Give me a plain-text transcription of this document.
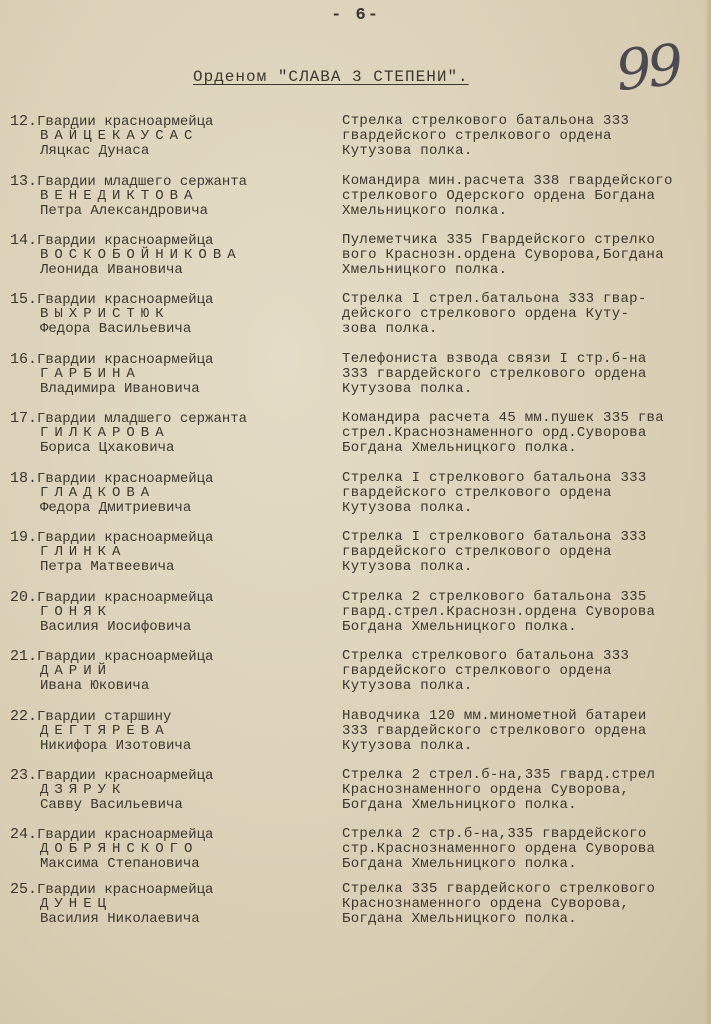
- 6-
Орденом "СЛАВА 3 СТЕПЕНИ".	99
12.Гвардии красноармейца
ВАЙЦЕКАУСАС
Ляцкас Дунаса
Стрелка стрелкового батальона 333
гвардейского стрелкового ордена
Кутузова полка.
13.Гвардии младшего сержанта
ВЕНЕДИКТОВА
Петра Александровича
Командира мин.расчета 338 гвардейского
стрелкового Одерского ордена Богдана
Хмельницкого полка.
14.Гвардии красноармейца
ВОСКОБОЙНИКОВА
Леонида Ивановича
Пулеметчика 335 Гвардейского стрелко
вого Краснозн.ордена Суворова,Богдана
Хмельницкого полка.
15.Гвардии красноармейца
ВЫХРИСТЮК
Федора Васильевича
Стрелка I стрел.батальона 333 гвар-
дейского стрелкового ордена Куту-
зова полка.
16.Гвардии красноармейца
ГАРБИНА
Владимира Ивановича
Телефониста взвода связи I стр.б-на
333 гвардейского стрелкового ордена
Кутузова полка.
17.Гвардии младшего сержанта
ГИЛКАРОВА
Бориса Цхаковича
Командира расчета 45 мм.пушек 335 гва
стрел.Краснознаменного орд.Суворова
Богдана Хмельницкого полка.
18.Гвардии красноармейца
ГЛАДКОВА
Федора Дмитриевича
Стрелка I стрелкового батальона 333
гвардейского стрелкового ордена
Кутузова полка.
19.Гвардии красноармейца
ГЛИНКА
Петра Матвеевича
Стрелка I стрелкового батальона 333
гвардейского стрелкового ордена
Кутузова полка.
20.Гвардии красноармейца
ГОНЯК
Василия Иосифовича
Стрелка 2 стрелкового батальона 335
гвард.стрел.Краснозн.ордена Суворова
Богдана Хмельницкого полка.
21.Гвардии красноармейца
ДАРИЙ
Ивана Юковича
Стрелка стрелкового батальона 333
гвардейского стрелкового ордена
Кутузова полка.
22.Гвардии старшину
ДЕГТЯРЕВА
Никифора Изотовича
Наводчика 120 мм.минометной батареи
333 гвардейского стрелкового ордена
Кутузова полка.
23.Гвардии красноармейца
ДЗЯРУК
Савву Васильевича
Стрелка 2 стрел.б-на,335 гвард.стрел
Краснознаменного ордена Суворова,
Богдана Хмельницкого полка.
24.Гвардии красноармейца
ДОБРЯНСКОГО
Максима Степановича
Стрелка 2 стр.б-на,335 гвардейского
стр.Краснознаменного ордена Суворова
Богдана Хмельницкого полка.
25.Гвардии красноармейца
ДУНЕЦ
Василия Николаевича
Стрелка 335 гвардейского стрелкового
Краснознаменного ордена Суворова,
Богдана Хмельницкого полка.
